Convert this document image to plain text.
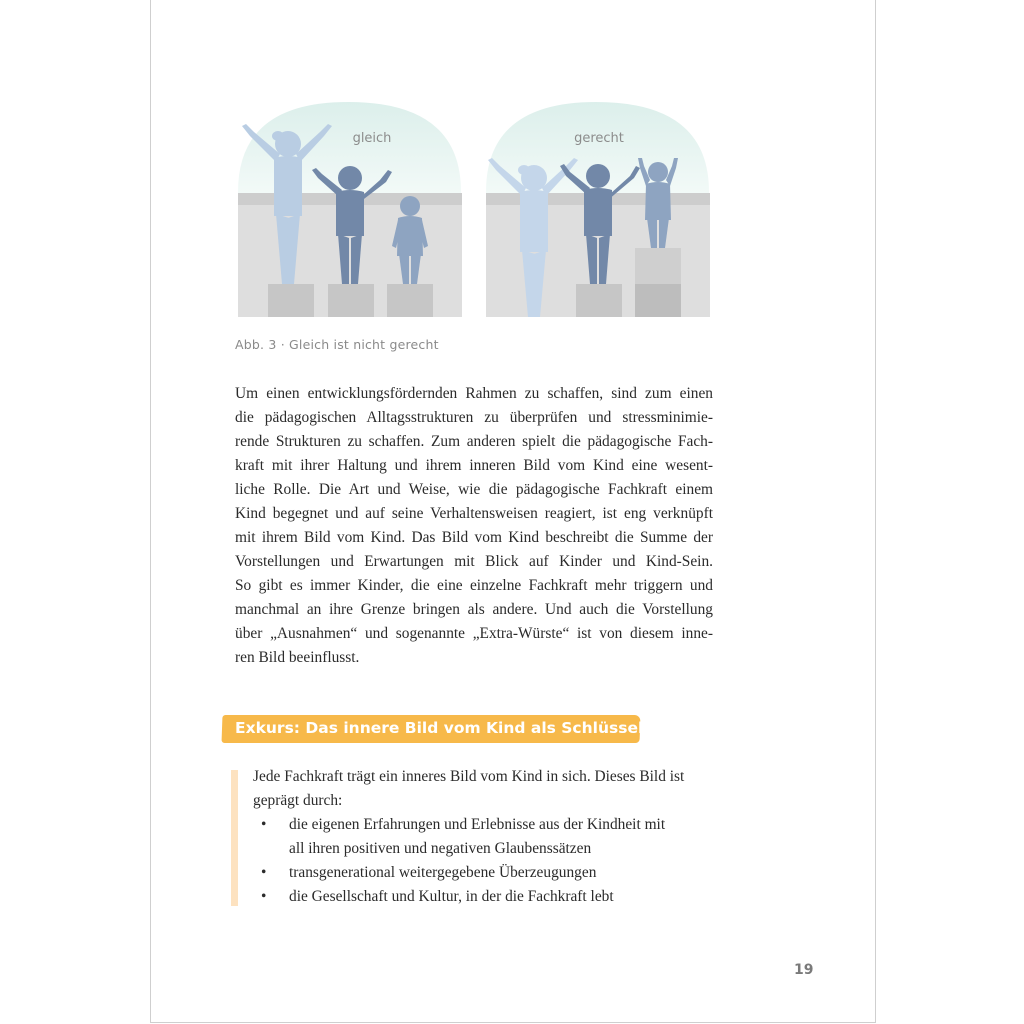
gleich	gerecht
Abb. 3 · Gleich ist nicht gerecht
Um einen entwicklungsfördernden Rahmen zu schaffen, sind zum einen
die pädagogischen Alltagsstrukturen zu überprüfen und stressminimie-
rende Strukturen zu schaffen. Zum anderen spielt die pädagogische Fach-
kraft mit ihrer Haltung und ihrem inneren Bild vom Kind eine wesent-
liche Rolle. Die Art und Weise, wie die pädagogische Fachkraft einem
Kind begegnet und auf seine Verhaltensweisen reagiert, ist eng verknüpft
mit ihrem Bild vom Kind. Das Bild vom Kind beschreibt die Summe der
Vorstellungen und Erwartungen mit Blick auf Kinder und Kind-Sein.
So gibt es immer Kinder, die eine einzelne Fachkraft mehr triggern und
manchmal an ihre Grenze bringen als andere. Und auch die Vorstellung
über „Ausnahmen“ und sogenannte „Extra-Würste“ ist von diesem inne-
ren Bild beeinflusst.
Exkurs: Das innere Bild vom Kind als Schlüssel
Jede Fachkraft trägt ein inneres Bild vom Kind in sich. Dieses Bild ist
geprägt durch:
• die eigenen Erfahrungen und Erlebnisse aus der Kindheit mit
all ihren positiven und negativen Glaubenssätzen
• transgenerational weitergegebene Überzeugungen
• die Gesellschaft und Kultur, in der die Fachkraft lebt
19
